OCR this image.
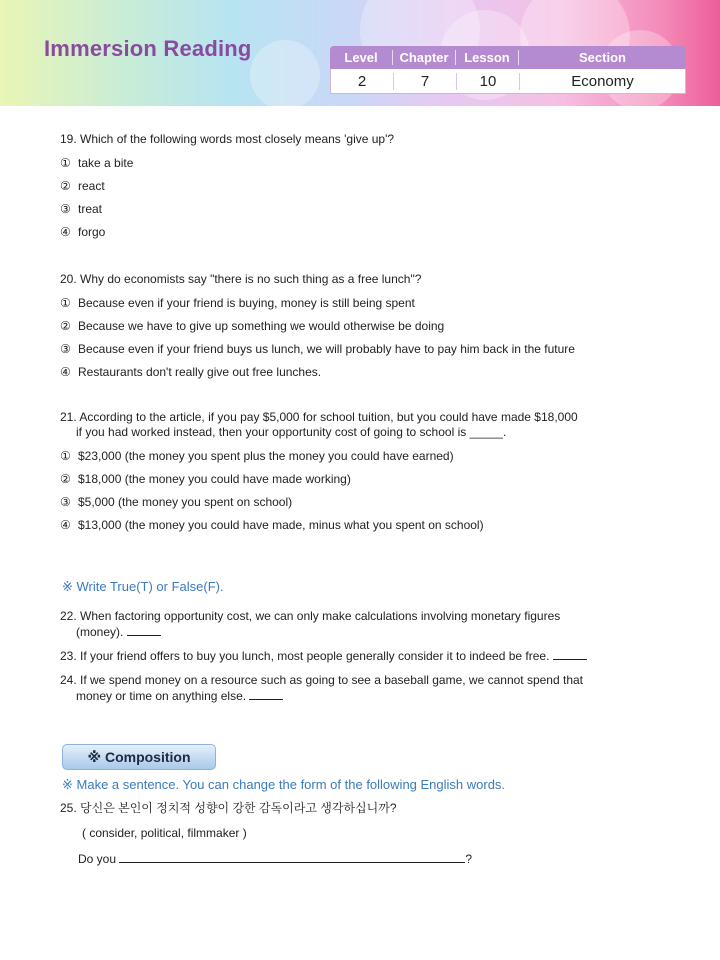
Immersion Reading	Level	Chapter	Lesson	Section
2	7	10	Economy
19. Which of the following words most closely means 'give up'?
① take a bite
② react
③ treat
④ forgo
20. Why do economists say "there is no such thing as a free lunch"?
① Because even if your friend is buying, money is still being spent
② Because we have to give up something we would otherwise be doing
③ Because even if your friend buys us lunch, we will probably have to pay him back in the future
④ Restaurants don't really give out free lunches.
21. According to the article, if you pay $5,000 for school tuition, but you could have made $18,000
if you had worked instead, then your opportunity cost of going to school is _____.
① $23,000 (the money you spent plus the money you could have earned)
② $18,000 (the money you could have made working)
③ $5,000 (the money you spent on school)
④ $13,000 (the money you could have made, minus what you spent on school)
※ Write True(T) or False(F).
22. When factoring opportunity cost, we can only make calculations involving monetary figures
(money).
23. If your friend offers to buy you lunch, most people generally consider it to indeed be free.
24. If we spend money on a resource such as going to see a baseball game, we cannot spend that
money or time on anything else.
※ Composition
※ Make a sentence. You can change the form of the following English words.
25. 당신은 본인이 정치적 성향이 강한 감독이라고 생각하십니까?
( consider, political, filmmaker )
Do you	?
